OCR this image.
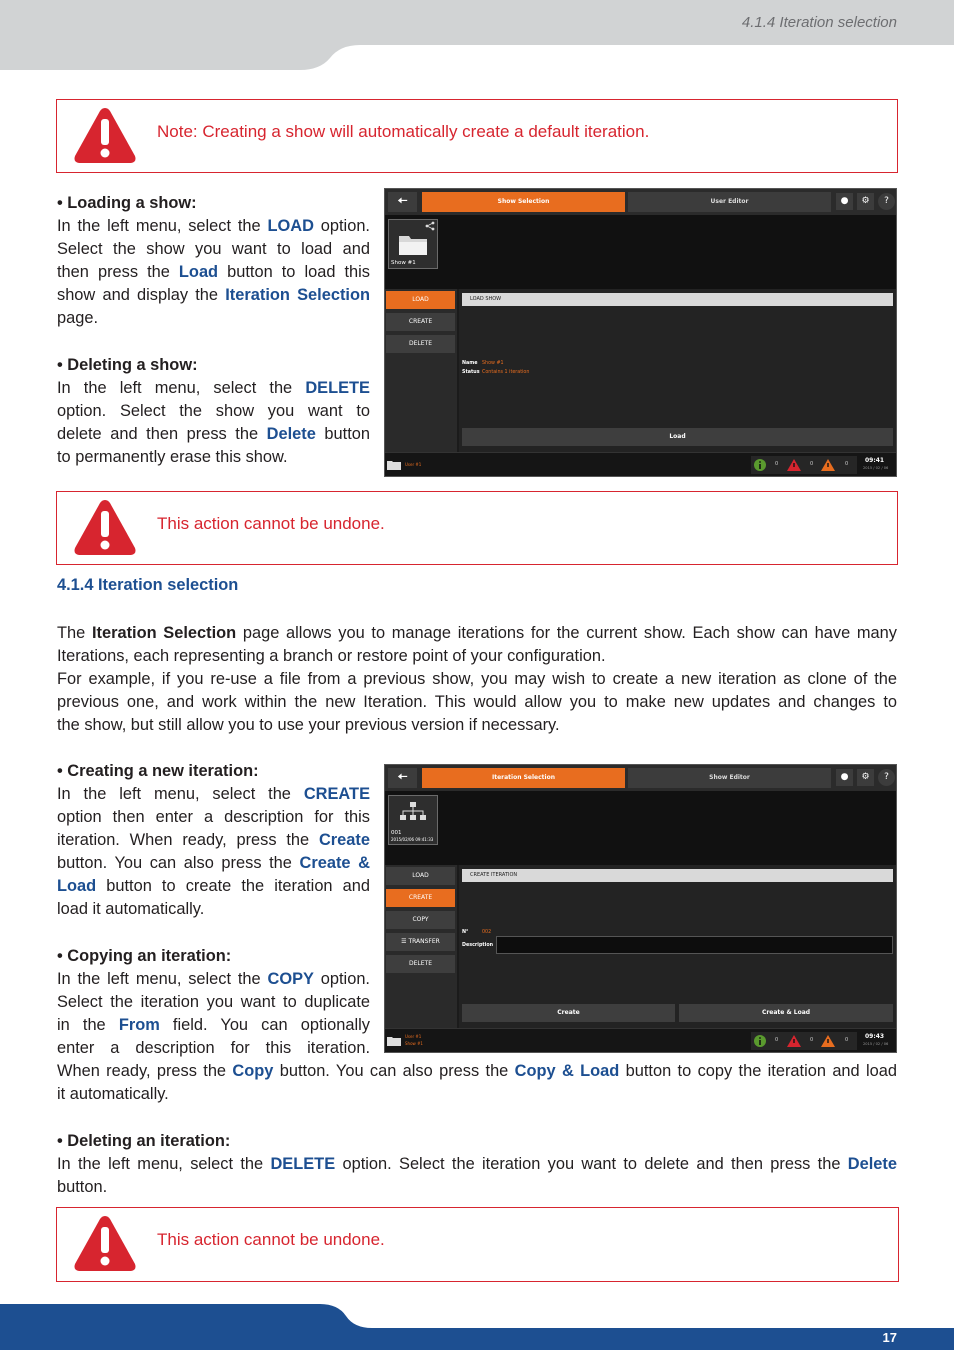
4.1.4 Iteration selection
17
Note: Creating a show will automatically create a default iteration.
• Loading a show:
In the left menu, select the LOAD option.
Select the show you want to load and
then press the Load button to load this
show and display the Iteration Selection
page.
• Deleting a show:
In the left menu, select the DELETE
option. Select the show you want to
delete and then press the Delete button
to permanently erase this show.
🠤	Show Selection	User Editor	●	⚙	?
Show #1
LOAD
CREATE
DELETE
LOAD SHOW
Name Show #1
Status Contains 1 iteration
Load
User #1	0	0	0	09:41
2015 / 02 / 06
This action cannot be undone.
4.1.4 Iteration selection
The Iteration Selection page allows you to manage iterations for the current show. Each show can have many
Iterations, each representing a branch or restore point of your configuration.
For example, if you re-use a file from a previous show, you may wish to create a new iteration as clone of the
previous one, and work within the new Iteration. This would allow you to make new updates and changes to
the show, but still allow you to use your previous version if necessary.
• Creating a new iteration:
In the left menu, select the CREATE
option then enter a description for this
iteration. When ready, press the Create
button. You can also press the Create &
Load button to create the iteration and
load it automatically.
• Copying an iteration:
In the left menu, select the COPY option.
Select the iteration you want to duplicate
in the From field. You can optionally
enter a description for this iteration.
When ready, press the Copy button. You can also press the Copy & Load button to copy the iteration and load
it automatically.
• Deleting an iteration:
In the left menu, select the DELETE option. Select the iteration you want to delete and then press the Delete
button.
🠤	Iteration Selection	Show Editor	●	⚙	?
001
2015/02/06 09:41:33
LOAD
CREATE
COPY
☰ TRANSFER
DELETE
CREATE ITERATION
N°	002
Description
Create	Create & Load
User #1
Show #1
0	0	0	09:43
2015 / 02 / 06
This action cannot be undone.
